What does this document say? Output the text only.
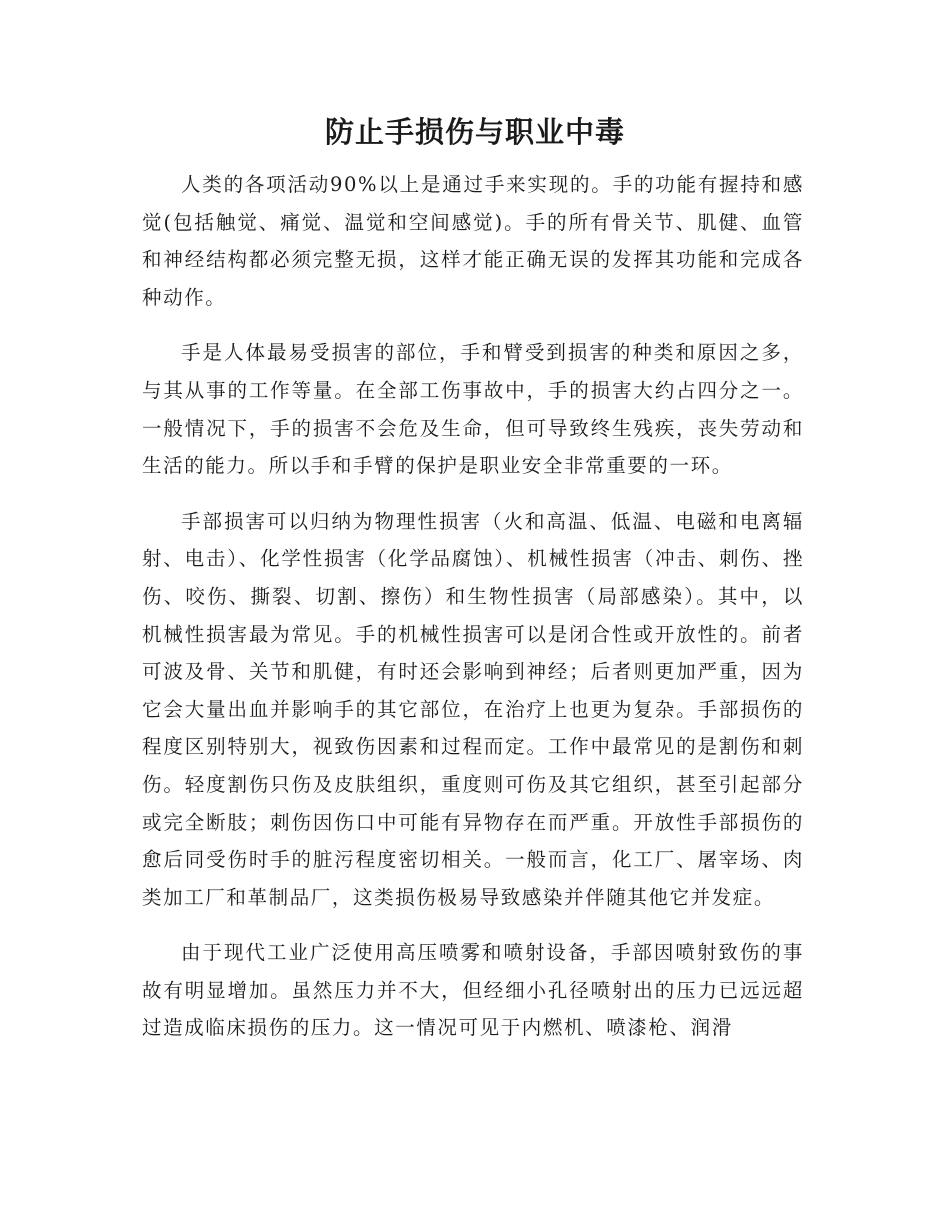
防止手损伤与职业中毒

人类的各项活动90%以上是通过手来实现的。手的功能有握持和感觉(包括触觉、痛觉、温觉和空间感觉)。手的所有骨关节、肌健、血管和神经结构都必须完整无损，这样才能正确无误的发挥其功能和完成各种动作。

手是人体最易受损害的部位，手和臂受到损害的种类和原因之多，与其从事的工作等量。在全部工伤事故中，手的损害大约占四分之一。一般情况下，手的损害不会危及生命，但可导致终生残疾，丧失劳动和生活的能力。所以手和手臂的保护是职业安全非常重要的一环。

手部损害可以归纳为物理性损害（火和高温、低温、电磁和电离辐射、电击）、化学性损害（化学品腐蚀）、机械性损害（冲击、刺伤、挫伤、咬伤、撕裂、切割、擦伤）和生物性损害（局部感染）。其中，以机械性损害最为常见。手的机械性损害可以是闭合性或开放性的。前者可波及骨、关节和肌健，有时还会影响到神经；后者则更加严重，因为它会大量出血并影响手的其它部位，在治疗上也更为复杂。手部损伤的程度区别特别大，视致伤因素和过程而定。工作中最常见的是割伤和刺伤。轻度割伤只伤及皮肤组织，重度则可伤及其它组织，甚至引起部分或完全断肢；刺伤因伤口中可能有异物存在而严重。开放性手部损伤的愈后同受伤时手的脏污程度密切相关。一般而言，化工厂、屠宰场、肉类加工厂和革制品厂，这类损伤极易导致感染并伴随其他它并发症。

由于现代工业广泛使用高压喷雾和喷射设备，手部因喷射致伤的事故有明显增加。虽然压力并不大，但经细小孔径喷射出的压力已远远超过造成临床损伤的压力。这一情况可见于内燃机、喷漆枪、润滑
